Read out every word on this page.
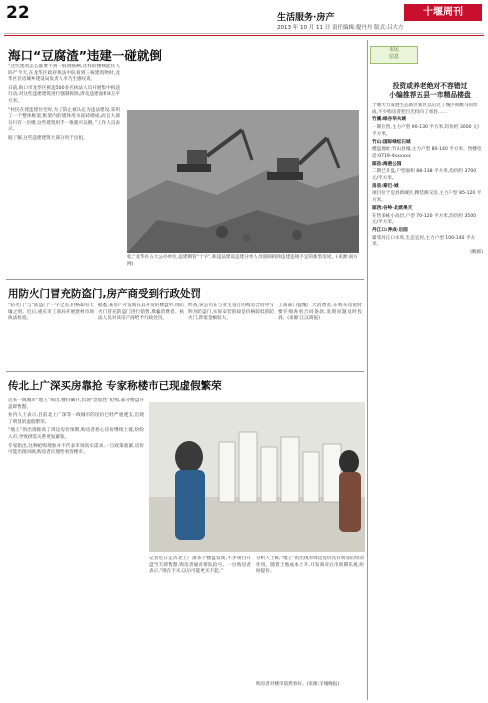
22	生活服务·房产	十堰周刊
2013 年 10 月 11 日 责任编辑:提丹丹 版式:吕大方
海口“豆腐渣”违建一碰就倒

“这些建筑怎么都要不到一般钢筋啊,这样的楼梯能住人吗?”今天,在龙华区政府执法中队看到三栋建筑物时,龙华区住房城乡建设局负责人李乃生感叹说。

日前,海口市龙华区拆违500多名执法人员开展集中拆违行动,对这些违建建筑进行强制拆除,涉及违建面积4万平方米。

“村民在建违建住宅时,为了防止被认定为违法建设,采用了一个整体框架,框架内的墙体用水泥砖砌成,而且大部分只有一层楼,这些建筑用手一推就可以倒。”工作人员表示。

据了解,这些违建建筑大部分用于出租。

松,“龙华区五大公办单位,违建钢管“十字”,和违法建设违建分单人员强制拆除违建违规不足的新型房屋。(来源:南方网)
用防火门冒充防盗门,房产商受到行政处罚
“防火门”与“防盗门”一字之差,价格却有天壤之别。近日,重庆市工商局开展建材市场执法检查。
据悉,某房产开发商在其开发的楼盘中,用防火门冒充防盗门进行销售,欺骗消费者。执法人员对该房产商给予行政处罚。
经查,该公司在与业主签订的购房合同中写明为防盗门,实际安装的却是价格较低的防火门,涉案金额较大。
工商部门提醒广大消费者,在购买房屋时要仔细查看合同条款,发现问题及时投诉。(来源:江汉商报)
传北上广深买房靠抢 专家称楼市已现虚假繁荣

近来一线城市“地王”频出,楼价飙升,出现“恐慌性”抢购,部分楼盘开盘即售罄。

业内人士表示,目前北上广深等一线城市的房价已经严重透支,出现了明显的虚假繁荣。

“地王”的出现推高了周边房价预期,购房者担心房价继续上涨,纷纷入市,导致供需关系更加紧张。

专家指出,这种抢购现象并不代表市场真实需求,一旦政策收紧,房价可能出现回调,购房者应理性看待楼市。

记者近日走访北上广深多个楼盘发现,不少项目开盘当天即售罄,购房者通宵排队抢号。一位购房者表示,“现在不买,以后可能更买不起。”
分析人士称,“地王”的出现对周边房价具有明显的带动作用。随着土地成本上升,开发商对后市预期乐观,纷纷提价。
购房者对楼市依然看好。(来源:羊城晚报)
市民
信息
投资或养老绝对不容错过
小编推荐五县一市精品楼盘

十堰大力发展生态新区新区以后过了城区和跳马的形成,不少购房者把目光投向了郊县……

竹溪:绿谷华夫城

一期在售,主力户型 90-130 平方米,均价约 3000 元/平方米。

竹山:国际绿松石城

楼盘地址:竹山县城,主力户型 80-140 平方米。售楼电话:0719-4xxxxxx

郧县:海港公园

二期已开盘,户型面积 88-138 平方米,均价约 3700 元/平方米。

房县:秦巴·城

项目位于房县新城区,精装修交房,主力户型 85-120 平方米。

郧西:谷岭·北欧果天

在售多栋小高层,户型 70-120 平方米,均价约 3500 元/平方米。

丹江口:养成·后园

紧邻丹江口水库,生态宜居,主力户型 100-140 平方米。

(鲍郧)
